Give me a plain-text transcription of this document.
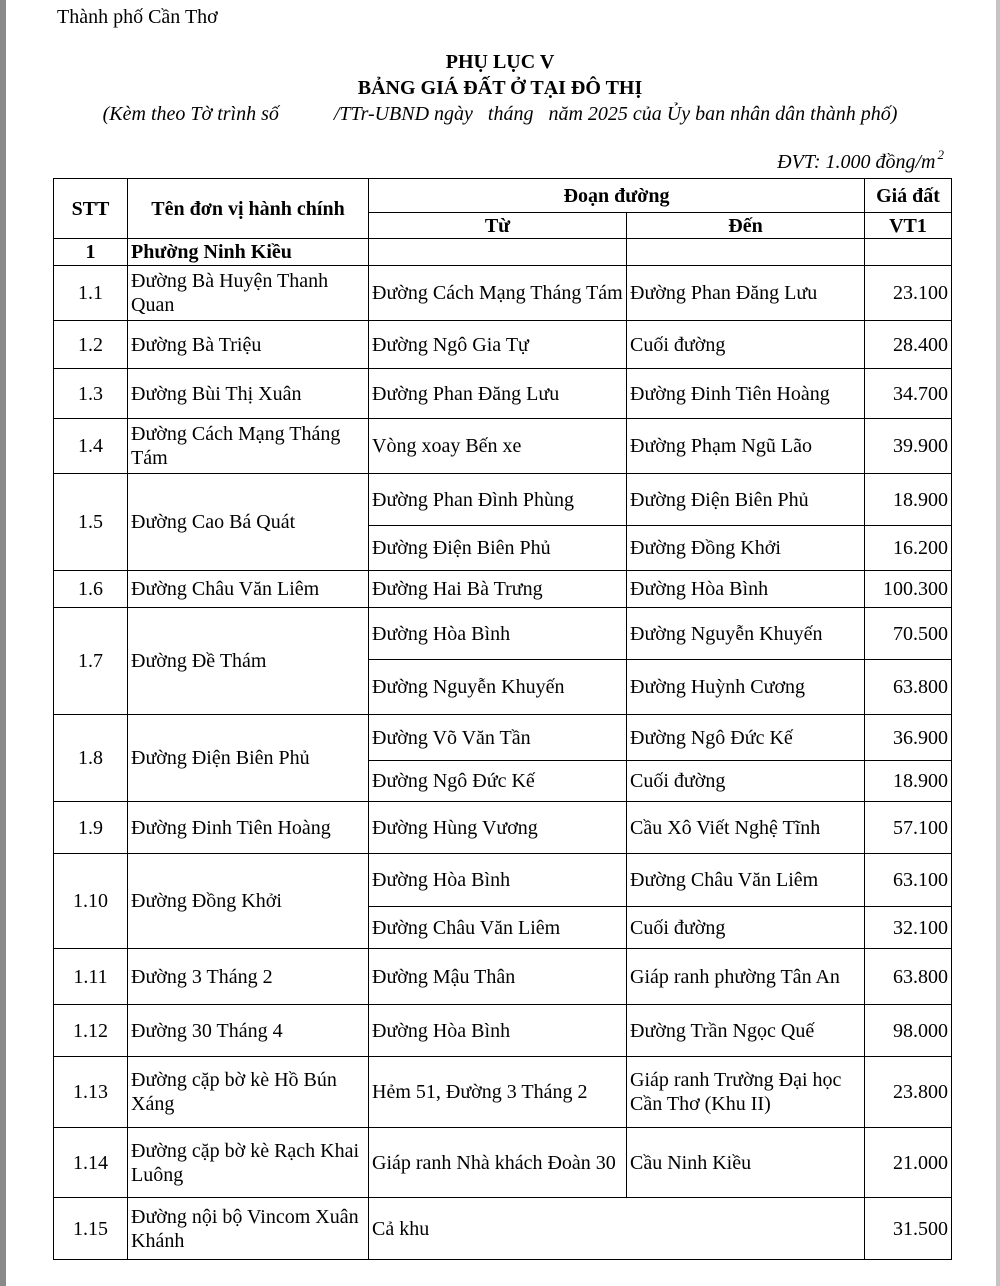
Thành phố Cần Thơ
PHỤ LỤC V
BẢNG GIÁ ĐẤT Ở TẠI ĐÔ THỊ
(Kèm theo Tờ trình số           /TTr-UBND ngày   tháng   năm 2025 của Ủy ban nhân dân thành phố)
ĐVT: 1.000 đồng/m $^2$
STT	Tên đơn vị hành chính	Đoạn đường		Giá đất
		Từ	Đến	VT1
1	Phường Ninh Kiều			
1.1	Đường Bà Huyện Thanh Quan	Đường Cách Mạng Tháng Tám	Đường Phan Đăng Lưu	23.100
1.2	Đường Bà Triệu	Đường Ngô Gia Tự	Cuối đường	28.400
1.3	Đường Bùi Thị Xuân	Đường Phan Đăng Lưu	Đường Đinh Tiên Hoàng	34.700
1.4	Đường Cách Mạng Tháng Tám	Vòng xoay Bến xe	Đường Phạm Ngũ Lão	39.900
1.5	Đường Cao Bá Quát	Đường Phan Đình Phùng	Đường Điện Biên Phủ	18.900
		Đường Điện Biên Phủ	Đường Đồng Khởi	16.200
1.6	Đường Châu Văn Liêm	Đường Hai Bà Trưng	Đường Hòa Bình	100.300
1.7	Đường Đề Thám	Đường Hòa Bình	Đường Nguyễn Khuyến	70.500
		Đường Nguyễn Khuyến	Đường Huỳnh Cương	63.800
1.8	Đường Điện Biên Phủ	Đường Võ Văn Tần	Đường Ngô Đức Kế	36.900
		Đường Ngô Đức Kế	Cuối đường	18.900
1.9	Đường Đinh Tiên Hoàng	Đường Hùng Vương	Cầu Xô Viết Nghệ Tĩnh	57.100
1.10	Đường Đồng Khởi	Đường Hòa Bình	Đường Châu Văn Liêm	63.100
		Đường Châu Văn Liêm	Cuối đường	32.100
1.11	Đường 3 Tháng 2	Đường Mậu Thân	Giáp ranh phường Tân An	63.800
1.12	Đường 30 Tháng 4	Đường Hòa Bình	Đường Trần Ngọc Quế	98.000
1.13	Đường cặp bờ kè Hồ Bún Xáng	Hẻm 51, Đường 3 Tháng 2	Giáp ranh Trường Đại học Cần Thơ (Khu II)	23.800
1.14	Đường cặp bờ kè Rạch Khai Luông	Giáp ranh Nhà khách Đoàn 30	Cầu Ninh Kiều	21.000
1.15	Đường nội bộ Vincom Xuân Khánh	Cả khu		31.500
